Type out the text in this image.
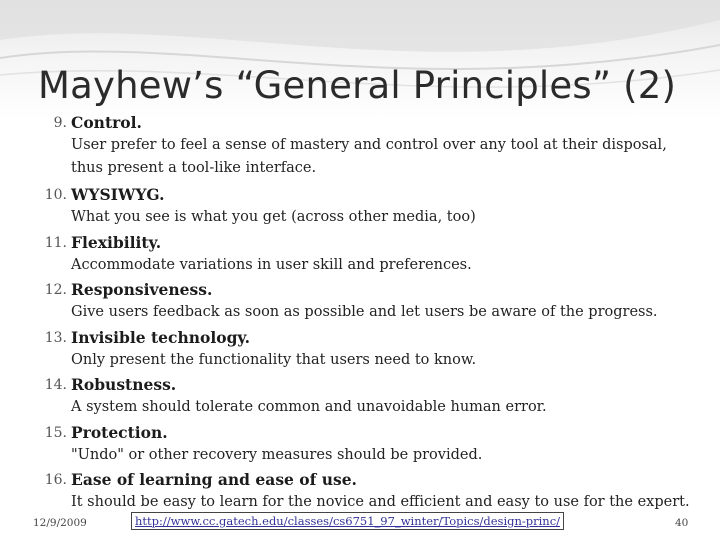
Mayhew’s “General Principles” (2)
9. Control.
User prefer to feel a sense of mastery and control over any tool at their disposal,
thus present a tool-like interface.
10. WYSIWYG.
What you see is what you get (across other media, too)
11. Flexibility.
Accommodate variations in user skill and preferences.
12. Responsiveness.
Give users feedback as soon as possible and let users be aware of the progress.
13. Invisible technology.
Only present the functionality that users need to know.
14. Robustness.
A system should tolerate common and unavoidable human error.
15. Protection.
"Undo" or other recovery measures should be provided.
16. Ease of learning and ease of use.
It should be easy to learn for the novice and efficient and easy to use for the expert.
12/9/2009	http://www.cc.gatech.edu/classes/cs6751_97_winter/Topics/design-princ/	40
